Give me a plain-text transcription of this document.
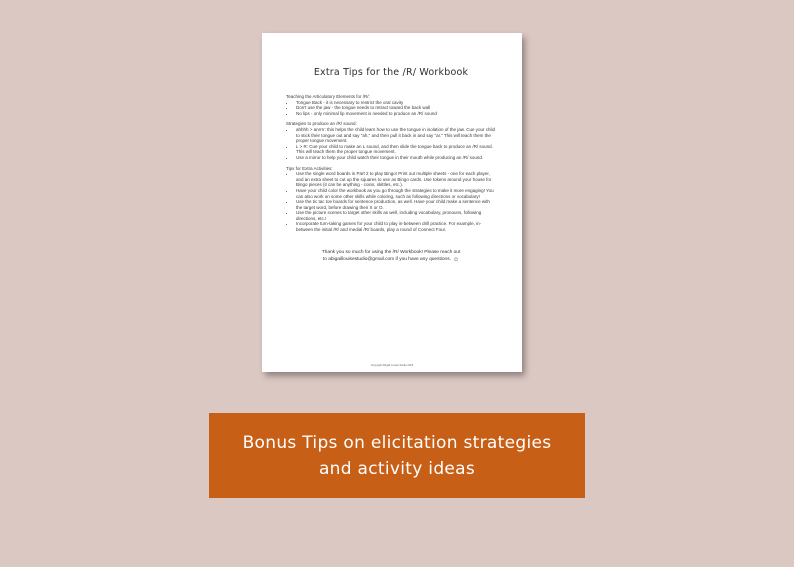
Extra Tips for the /R/ Workbook

Teaching the Articulatory Elements for /R/:

• Tongue Back - it is necessary to restrict the oral cavity
• Don't use the jaw - the tongue needs to retract toward the back wall
• No lips - only minimal lip movement is needed to produce an /R/ sound

Strategies to produce an /R/ sound:

• ahhhh > anrrrr: this helps the child learn how to use the tongue in isolation of the jaw. Cue your child to stick their tongue out and say "ah," and then pull it back in and say "ar." This will teach them the proper tongue movement.
• L > R: Cue your child to make an L sound, and then slide the tongue back to produce an /R/ sound. This will teach them the proper tongue movement.
• Use a mirror to help your child watch their tongue in their mouth while producing an /R/ sound.

Tips for Extra Activities:

• Use the single word boards in Part 2 to play Bingo! Print out multiple sheets - one for each player, and an extra sheet to cut up the squares to use as Bingo cards. Use tokens around your house for Bingo pieces (it can be anything - coins, skittles, etc.).
• Have your child color the workbook as you go through the strategies to make it more engaging! You can also work on some other skills while coloring, such as following directions or vocabulary!
• Use the tic tac toe boards for sentence production, as well. Have your child make a sentence with the target word, before drawing their X or O.
• Use the picture scenes to target other skills as well, including vocabulary, pronouns, following directions, etc.!
• Incorporate turn-taking games for your child to play in-between drill practice. For example, in-between the initial /R/ and medial /R/ boards, play a round of Connect Four.
Thank you so much for using the /R/ Workbook! Please reach out
to abigaillouisestudio@gmail.com if you have any questions. ☺
Copyright Abigail Louise Studio 2023
Bonus Tips on elicitation strategies
and activity ideas
